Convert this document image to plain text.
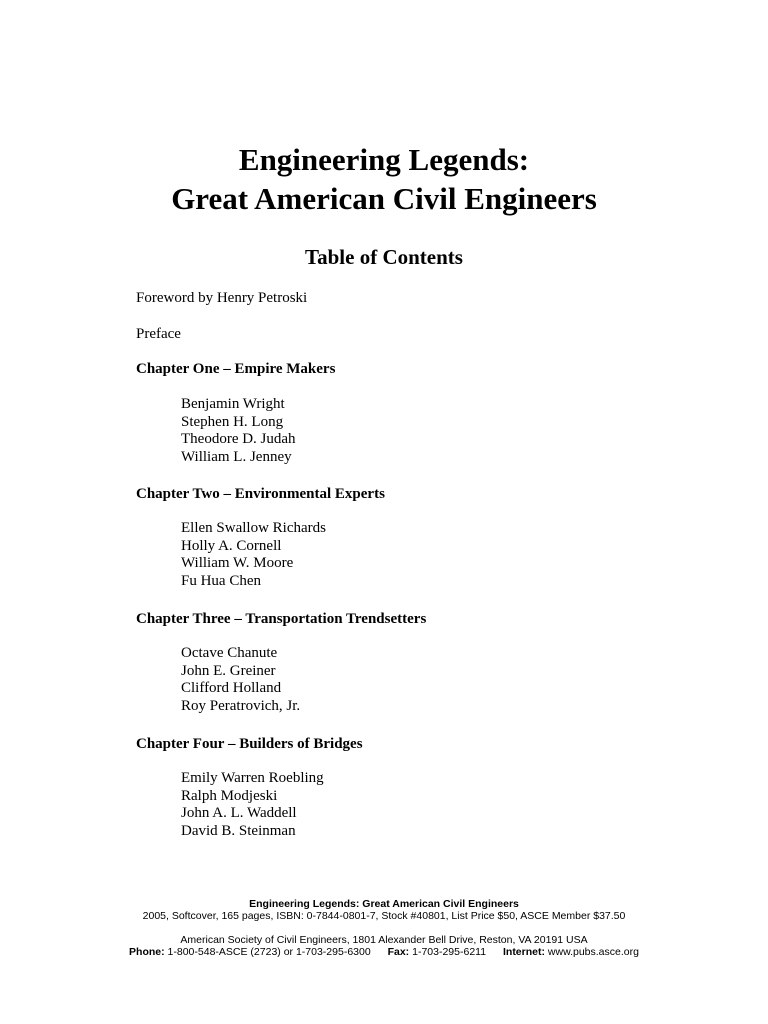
Engineering Legends:
Great American Civil Engineers
Table of Contents
Foreword by Henry Petroski
Preface
Chapter One – Empire Makers
Benjamin Wright
Stephen H. Long
Theodore D. Judah
William L. Jenney
Chapter Two – Environmental Experts
Ellen Swallow Richards
Holly A. Cornell
William W. Moore
Fu Hua Chen
Chapter Three – Transportation Trendsetters
Octave Chanute
John E. Greiner
Clifford Holland
Roy Peratrovich, Jr.
Chapter Four – Builders of Bridges
Emily Warren Roebling
Ralph Modjeski
John A. L. Waddell
David B. Steinman
Engineering Legends: Great American Civil Engineers
2005, Softcover, 165 pages, ISBN: 0-7844-0801-7, Stock #40801, List Price $50, ASCE Member $37.50
American Society of Civil Engineers, 1801 Alexander Bell Drive, Reston, VA 20191 USA
Phone: 1-800-548-ASCE (2723) or 1-703-295-6300 Fax: 1-703-295-6211 Internet: www.pubs.asce.org
